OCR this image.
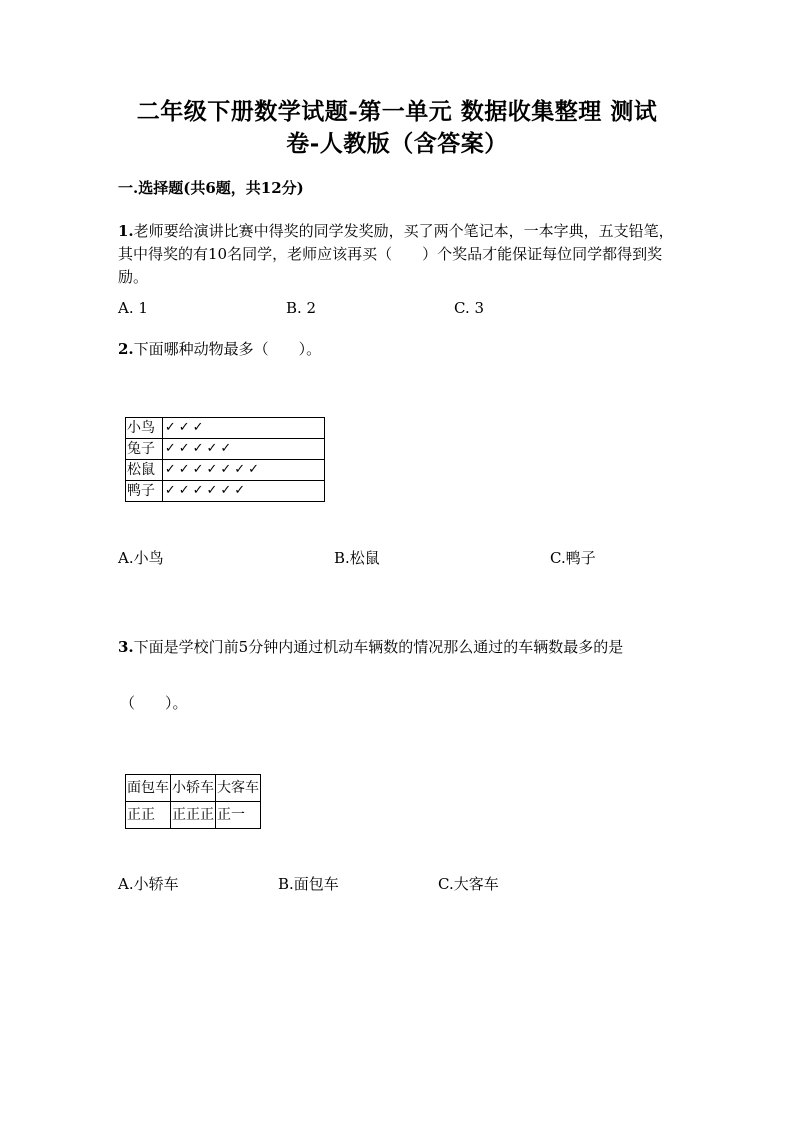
二年级下册数学试题-第一单元 数据收集整理 测试
卷-人教版（含答案）
一.选择题(共6题，共12分)
1.老师要给演讲比赛中得奖的同学发奖励，买了两个笔记本，一本字典，五支铅笔，其中得奖的有10名同学，老师应该再买（　　）个奖品才能保证每位同学都得到奖励。
A. 1	B. 2	C. 3
2.下面哪种动物最多（　　）。
小鸟	✓✓✓
兔子	✓✓✓✓✓
松鼠	✓✓✓✓✓✓✓
鸭子	✓✓✓✓✓✓
A.小鸟	B.松鼠	C.鸭子
3.下面是学校门前5分钟内通过机动车辆数的情况那么通过的车辆数最多的是
（　　）。
面包车	小轿车	大客车
正正	正正正	正一
A.小轿车	B.面包车	C.大客车
